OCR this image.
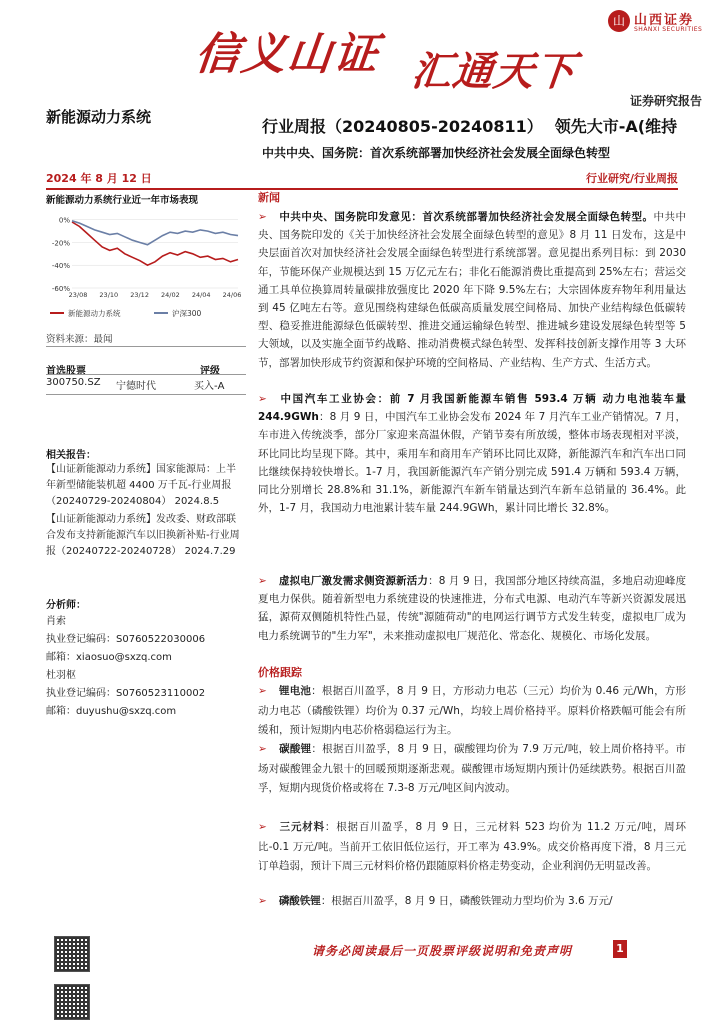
山 山西证券
SHANXI SECURITIES
信义山证 汇通天下
证券研究报告
新能源动力系统	行业周报（20240805-20240811） 领先大市-A(维持
中共中央、国务院：首次系统部署加快经济社会发展全面绿色转型
2024 年 8 月 12 日	行业研究/行业周报
新能源动力系统行业近一年市场表现
0%
-20%
-40%
-60%
23/08 23/10 23/12 24/02 24/04 24/06
新能源动力系统	沪深300
资料来源：最闻
首选股票	评级
300750.SZ 宁德时代	买入-A
相关报告：
【山证新能源动力系统】国家能源局：上半年新型储能装机超 4400 万千瓦-行业周报（20240729-20240804） 2024.8.5
【山证新能源动力系统】发改委、财政部联合发布支持新能源汽车以旧换新补贴-行业周报（20240722-20240728） 2024.7.29
分析师：
肖索
执业登记编码：S0760522030006
邮箱：xiaosuo@sxzq.com
杜羽枢
执业登记编码：S0760523110002
邮箱：duyushu@sxzq.com
新闻
➢ 中共中央、国务院印发意见：首次系统部署加快经济社会发展全面绿色转型。中共中央、国务院印发的《关于加快经济社会发展全面绿色转型的意见》8 月 11 日发布，这是中央层面首次对加快经济社会发展全面绿色转型进行系统部署。意见提出系列目标：到 2030 年，节能环保产业规模达到 15 万亿元左右；非化石能源消费比重提高到 25%左右；营运交通工具单位换算周转量碳排放强度比 2020 年下降 9.5%左右；大宗固体废弃物年利用量达到 45 亿吨左右等。意见围绕构建绿色低碳高质量发展空间格局、加快产业结构绿色低碳转型、稳妥推进能源绿色低碳转型、推进交通运输绿色转型、推进城乡建设发展绿色转型等 5 大领域，以及实施全面节约战略、推动消费模式绿色转型、发挥科技创新支撑作用等 3 大环节，部署加快形成节约资源和保护环境的空间格局、产业结构、生产方式、生活方式。
➢ 中国汽车工业协会：前 7 月我国新能源车销售 593.4 万辆 动力电池装车量 244.9GWh：8 月 9 日，中国汽车工业协会发布 2024 年 7 月汽车工业产销情况。7 月，车市进入传统淡季，部分厂家迎来高温休假，产销节奏有所放缓，整体市场表现相对平淡，环比同比均呈现下降。其中，乘用车和商用车产销环比同比双降，新能源汽车和汽车出口同比继续保持较快增长。1-7 月，我国新能源汽车产销分别完成 591.4 万辆和 593.4 万辆，同比分别增长 28.8%和 31.1%，新能源汽车新车销量达到汽车新车总销量的 36.4%。此外，1-7 月，我国动力电池累计装车量 244.9GWh，累计同比增长 32.8%。
➢ 虚拟电厂激发需求侧资源新活力：8 月 9 日，我国部分地区持续高温，多地启动迎峰度夏电力保供。随着新型电力系统建设的快速推进，分布式电源、电动汽车等新兴资源发展迅猛，源荷双侧随机特性凸显，传统"源随荷动"的电网运行调节方式发生转变，虚拟电厂成为电力系统调节的"生力军"，未来推动虚拟电厂规范化、常态化、规模化、市场化发展。
价格跟踪
➢ 锂电池：根据百川盈孚，8 月 9 日，方形动力电芯（三元）均价为 0.46 元/Wh，方形动力电芯（磷酸铁锂）均价为 0.37 元/Wh，均较上周价格持平。原料价格跌幅可能会有所缓和，预计短期内电芯价格弱稳运行为主。
➢ 碳酸锂：根据百川盈孚，8 月 9 日，碳酸锂均价为 7.9 万元/吨，较上周价格持平。市场对碳酸锂金九银十的回暖预期逐渐悲观。碳酸锂市场短期内预计仍延续跌势。根据百川盈孚，短期内现货价格或将在 7.3-8 万元/吨区间内波动。
➢ 三元材料：根据百川盈孚，8 月 9 日，三元材料 523 均价为 11.2 万元/吨，周环比-0.1 万元/吨。当前开工依旧低位运行，开工率为 43.9%。成交价格再度下滑，8 月三元订单趋弱，预计下周三元材料价格仍跟随原料价格走势变动，企业利润仍无明显改善。
➢ 磷酸铁锂：根据百川盈孚，8 月 9 日，磷酸铁锂动力型均价为 3.6 万元/
请务必阅读最后一页股票评级说明和免责声明	1
